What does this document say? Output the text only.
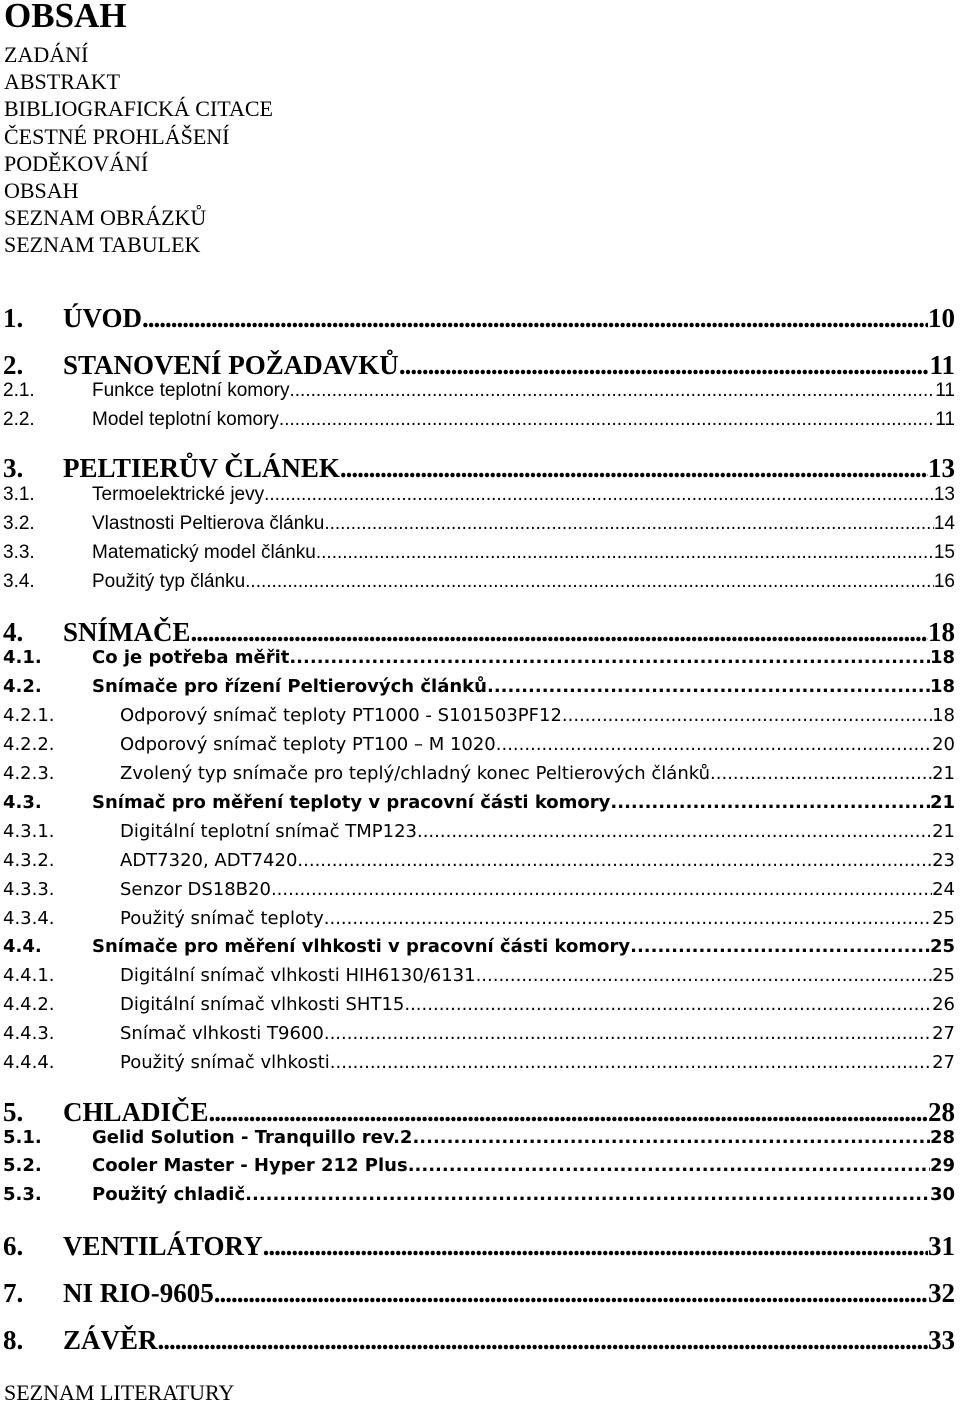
OBSAH
ZADÁNÍ
ABSTRAKT
BIBLIOGRAFICKÁ CITACE
ČESTNÉ PROHLÁŠENÍ
PODĚKOVÁNÍ
OBSAH
SEZNAM OBRÁZKŮ
SEZNAM TABULEK
1.	ÚVOD .....	10
2.	STANOVENÍ POŽADAVKŮ .....	11
2.1.	Funkce teplotní komory .....	11
2.2.	Model teplotní komory .....	11
3.	PELTIERŮV ČLÁNEK .....	13
3.1.	Termoelektrické jevy .....	13
3.2.	Vlastnosti Peltierova článku .....	14
3.3.	Matematický model článku .....	15
3.4.	Použitý typ článku .....	16
4.	SNÍMAČE .....	18
4.1.	Co je potřeba měřit .....	18
4.2.	Snímače pro řízení Peltierových článků .....	18
4.2.1.	Odporový snímač teploty PT1000 - S101503PF12 .....	18
4.2.2.	Odporový snímač teploty PT100 – M 1020 .....	20
4.2.3.	Zvolený typ snímače pro teplý/chladný konec Peltierových článků .....	21
4.3.	Snímač pro měření teploty v pracovní části komory .....	21
4.3.1.	Digitální teplotní snímač TMP123 .....	21
4.3.2.	ADT7320, ADT7420 .....	23
4.3.3.	Senzor DS18B20 .....	24
4.3.4.	Použitý snímač teploty .....	25
4.4.	Snímače pro měření vlhkosti v pracovní části komory .....	25
4.4.1.	Digitální snímač vlhkosti HIH6130/6131 .....	25
4.4.2.	Digitální snímač vlhkosti SHT15 .....	26
4.4.3.	Snímač vlhkosti T9600 .....	27
4.4.4.	Použitý snímač vlhkosti .....	27
5.	CHLADIČE .....	28
5.1.	Gelid Solution - Tranquillo rev.2 .....	28
5.2.	Cooler Master - Hyper 212 Plus .....	29
5.3.	Použitý chladič .....	30
6.	VENTILÁTORY .....	31
7.	NI RIO-9605 .....	32
8.	ZÁVĚR .....	33
SEZNAM LITERATURY
